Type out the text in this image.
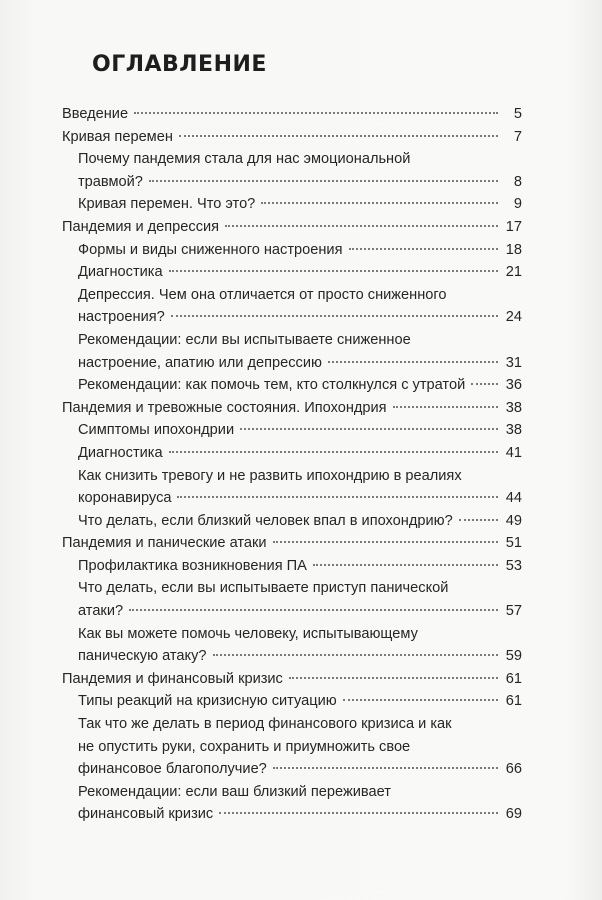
ОГЛАВЛЕНИЕ
Введение	5
Кривая перемен	7
Почему пандемия стала для нас эмоциональной
травмой?	8
Кривая перемен. Что это?	9
Пандемия и депрессия	17
Формы и виды сниженного настроения	18
Диагностика	21
Депрессия. Чем она отличается от просто сниженного
настроения?	24
Рекомендации: если вы испытываете сниженное
настроение, апатию или депрессию	31
Рекомендации: как помочь тем, кто столкнулся с утратой	36
Пандемия и тревожные состояния. Ипохондрия	38
Симптомы ипохондрии	38
Диагностика	41
Как снизить тревогу и не развить ипохондрию в реалиях
коронавируса	44
Что делать, если близкий человек впал в ипохондрию?	49
Пандемия и панические атаки	51
Профилактика возникновения ПА	53
Что делать, если вы испытываете приступ панической
атаки?	57
Как вы можете помочь человеку, испытывающему
паническую атаку?	59
Пандемия и финансовый кризис	61
Типы реакций на кризисную ситуацию	61
Так что же делать в период финансового кризиса и как
не опустить руки, сохранить и приумножить свое
финансовое благополучие?	66
Рекомендации: если ваш близкий переживает
финансовый кризис	69
